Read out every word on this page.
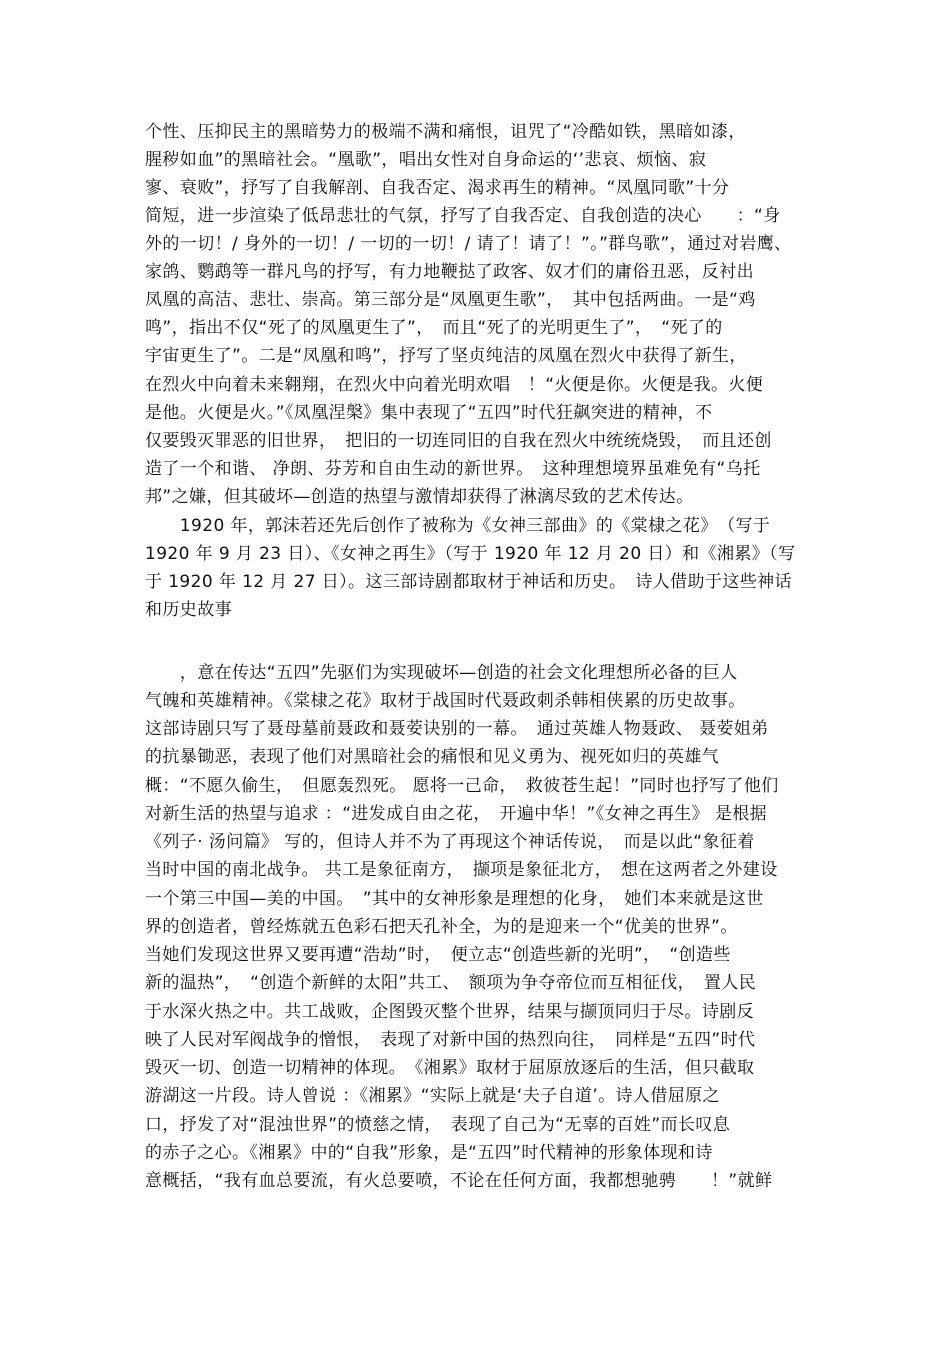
个性、压抑民主的黑暗势力的极端不满和痛恨，诅咒了“冷酷如铁，黑暗如漆，
腥秽如血”的黑暗社会。“凰歌”，唱出女性对自身命运的‘’悲哀、烦恼、寂
寥、衰败”，抒写了自我解剖、自我否定、渴求再生的精神。“凤凰同歌”十分
简短，进一步渲染了低昂悲壮的气氛，抒写了自我否定、自我创造的决心　　：“身
外的一切！/ 身外的一切！/ 一切的一切！/ 请了！请了！”。”群鸟歌”，通过对岩鹰、
家鸽、鹦鹉等一群凡鸟的抒写，有力地鞭挞了政客、奴才们的庸俗丑恶，反衬出
凤凰的高洁、悲壮、崇高。第三部分是“凤凰更生歌”，　其中包括两曲。一是“鸡
鸣”，指出不仅“死了的凤凰更生了”，　而且“死了的光明更生了”，　“死了的
宇宙更生了”。二是“凤凰和鸣”，抒写了坚贞纯洁的凤凰在烈火中获得了新生，
在烈火中向着未来翱翔，在烈火中向着光明欢唱　！“火便是你。火便是我。火便
是他。火便是火。”《凤凰涅槃》集中表现了“五四”时代狂飙突进的精神，不
仅要毁灭罪恶的旧世界，　把旧的一切连同旧的自我在烈火中统统烧毁，　而且还创
造了一个和谐、 净朗、芬芳和自由生动的新世界。　这种理想境界虽难免有“乌托
邦”之嫌，但其破坏—创造的热望与激情却获得了淋漓尽致的艺术传达。
　　1920 年，郭沫若还先后创作了被称为《女神三部曲》的《棠棣之花》　（写于
1920 年 9 月 23 日）、《女神之再生》（写于 1920 年 12 月 20 日）和《湘累》（写
于 1920 年 12 月 27 日）。这三部诗剧都取材于神话和历史。　诗人借助于这些神话
和历史故事
　　，意在传达“五四”先驱们为实现破坏—创造的社会文化理想所必备的巨人
气魄和英雄精神。《棠棣之花》取材于战国时代聂政刺杀韩相侠累的历史故事。
这部诗剧只写了聂母墓前聂政和聂荌诀别的一幕。　通过英雄人物聂政、 聂荌姐弟
的抗暴锄恶，表现了他们对黑暗社会的痛恨和见义勇为、视死如归的英雄气
概：“不愿久偷生，　但愿轰烈死。 愿将一己命，　救彼苍生起！”同时也抒写了他们
对新生活的热望与追求 ：“进发成自由之花，　开遍中华！”《女神之再生》 是根据
《列子· 汤问篇》 写的，但诗人并不为了再现这个神话传说，　而是以此“象征着
当时中国的南北战争。 共工是象征南方，　撷项是象征北方，　想在这两者之外建设
一个第三中国—美的中国。　”其中的女神形象是理想的化身，　她们本来就是这世
界的创造者，曾经炼就五色彩石把天孔补全，为的是迎来一个“优美的世界”。
当她们发现这世界又要再遭“浩劫”时，　便立志“创造些新的光明”，　“创造些
新的温热”，　“创造个新鲜的太阳”共工、　额项为争夺帝位而互相征伐，　置人民
于水深火热之中。共工战败，企图毁灭整个世界，结果与撷顶同归于尽。诗剧反
映了人民对军阀战争的憎恨，　表现了对新中国的热烈向往，　同样是“五四”时代
毁灭一切、创造一切精神的体现。　《湘累》取材于屈原放逐后的生活，但只截取
游湖这一片段。诗人曾说 ：《湘累》“实际上就是‘夫子自道’。诗人借屈原之
口，抒发了对“混浊世界”的愤慈之情，　表现了自己为“无辜的百姓”而长叹息
的赤子之心。《湘累》中的“自我”形象，是“五四”时代精神的形象体现和诗
意概括，“我有血总要流，有火总要喷，不论在任何方面，我都想驰骋　　！”就鲜
